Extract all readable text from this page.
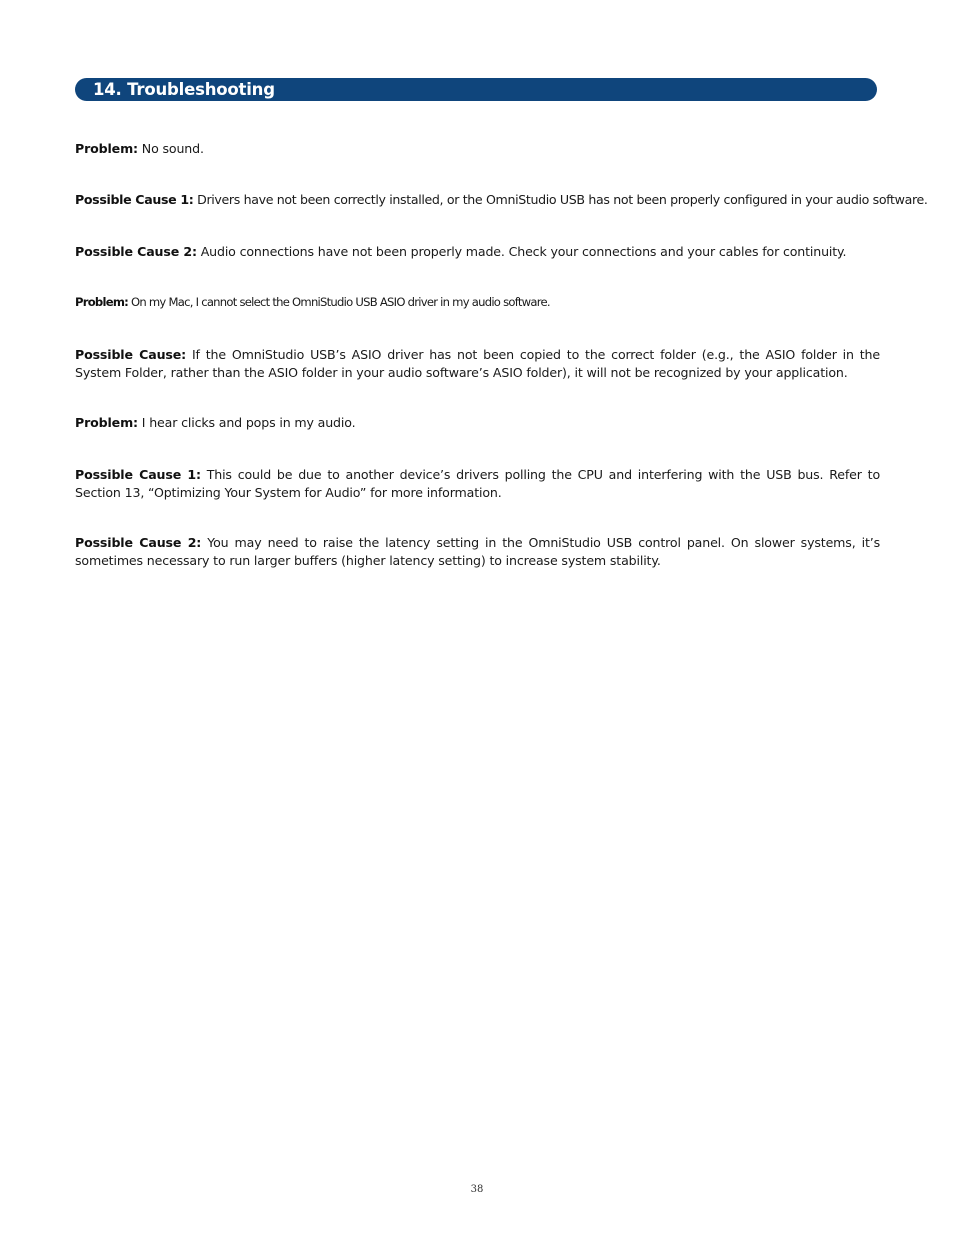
14. Troubleshooting

Problem: No sound.

Possible Cause 1: Drivers have not been correctly installed, or the OmniStudio USB has not been properly configured in your audio software.

Possible Cause 2: Audio connections have not been properly made. Check your connections and your cables for continuity.

Problem: On my Mac, I cannot select the OmniStudio USB ASIO driver in my audio software.

Possible Cause: If the OmniStudio USB’s ASIO driver has not been copied to the correct folder (e.g., the ASIO folder in the System Folder, rather than the ASIO folder in your audio software’s ASIO folder), it will not be recognized by your application.

Problem: I hear clicks and pops in my audio.

Possible Cause 1: This could be due to another device’s drivers polling the CPU and interfering with the USB bus. Refer to Section 13, “Optimizing Your System for Audio” for more information.

Possible Cause 2: You may need to raise the latency setting in the OmniStudio USB control panel. On slower systems, it’s sometimes necessary to run larger buffers (higher latency setting) to increase system stability.

38
